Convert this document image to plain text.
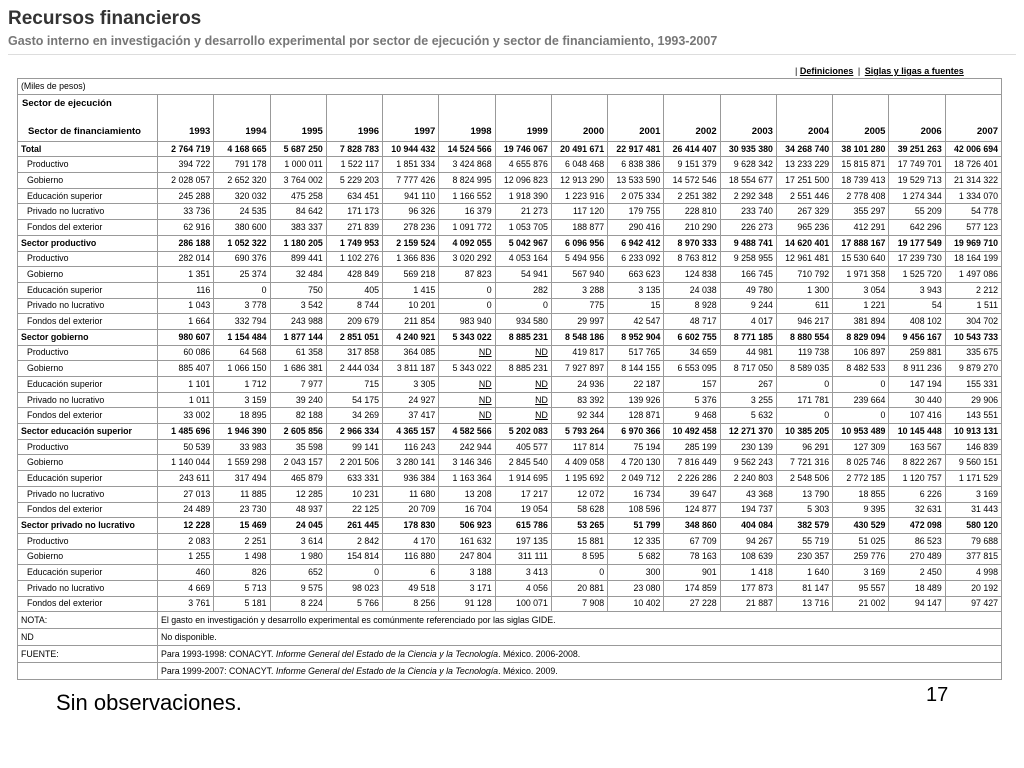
Recursos financieros
Gasto interno en investigación y desarrollo experimental por sector de ejecución y sector de financiamiento, 1993-2007
| Definiciones | Siglas y ligas a fuentes
(Miles de pesos)															

Sector de ejecución
Sector de financiamiento	1993	1994	1995	1996	1997	1998	1999	2000	2001	2002	2003	2004	2005	2006	2007
Total	2 764 719	4 168 665	5 687 250	7 828 783	10 944 432	14 524 566	19 746 067	20 491 671	22 917 481	26 414 407	30 935 380	34 268 740	38 101 280	39 251 263	42 006 694
Productivo	394 722	791 178	1 000 011	1 522 117	1 851 334	3 424 868	4 655 876	6 048 468	6 838 386	9 151 379	9 628 342	13 233 229	15 815 871	17 749 701	18 726 401
Gobierno	2 028 057	2 652 320	3 764 002	5 229 203	7 777 426	8 824 995	12 096 823	12 913 290	13 533 590	14 572 546	18 554 677	17 251 500	18 739 413	19 529 713	21 314 322
Educación superior	245 288	320 032	475 258	634 451	941 110	1 166 552	1 918 390	1 223 916	2 075 334	2 251 382	2 292 348	2 551 446	2 778 408	1 274 344	1 334 070
Privado no lucrativo	33 736	24 535	84 642	171 173	96 326	16 379	21 273	117 120	179 755	228 810	233 740	267 329	355 297	55 209	54 778
Fondos del exterior	62 916	380 600	383 337	271 839	278 236	1 091 772	1 053 705	188 877	290 416	210 290	226 273	965 236	412 291	642 296	577 123
Sector productivo	286 188	1 052 322	1 180 205	1 749 953	2 159 524	4 092 055	5 042 967	6 096 956	6 942 412	8 970 333	9 488 741	14 620 401	17 888 167	19 177 549	19 969 710
Productivo	282 014	690 376	899 441	1 102 276	1 366 836	3 020 292	4 053 164	5 494 956	6 233 092	8 763 812	9 258 955	12 961 481	15 530 640	17 239 730	18 164 199
Gobierno	1 351	25 374	32 484	428 849	569 218	87 823	54 941	567 940	663 623	124 838	166 745	710 792	1 971 358	1 525 720	1 497 086
Educación superior	116	0	750	405	1 415	0	282	3 288	3 135	24 038	49 780	1 300	3 054	3 943	2 212
Privado no lucrativo	1 043	3 778	3 542	8 744	10 201	0	0	775	15	8 928	9 244	611	1 221	54	1 511
Fondos del exterior	1 664	332 794	243 988	209 679	211 854	983 940	934 580	29 997	42 547	48 717	4 017	946 217	381 894	408 102	304 702
Sector gobierno	980 607	1 154 484	1 877 144	2 851 051	4 240 921	5 343 022	8 885 231	8 548 186	8 952 904	6 602 755	8 771 185	8 880 554	8 829 094	9 456 167	10 543 733
Productivo	60 086	64 568	61 358	317 858	364 085	ND	ND	419 817	517 765	34 659	44 981	119 738	106 897	259 881	335 675
Gobierno	885 407	1 066 150	1 686 381	2 444 034	3 811 187	5 343 022	8 885 231	7 927 897	8 144 155	6 553 095	8 717 050	8 589 035	8 482 533	8 911 236	9 879 270
Educación superior	1 101	1 712	7 977	715	3 305	ND	ND	24 936	22 187	157	267	0	0	147 194	155 331
Privado no lucrativo	1 011	3 159	39 240	54 175	24 927	ND	ND	83 392	139 926	5 376	3 255	171 781	239 664	30 440	29 906
Fondos del exterior	33 002	18 895	82 188	34 269	37 417	ND	ND	92 344	128 871	9 468	5 632	0	0	107 416	143 551
Sector educación superior	1 485 696	1 946 390	2 605 856	2 966 334	4 365 157	4 582 566	5 202 083	5 793 264	6 970 366	10 492 458	12 271 370	10 385 205	10 953 489	10 145 448	10 913 131
Productivo	50 539	33 983	35 598	99 141	116 243	242 944	405 577	117 814	75 194	285 199	230 139	96 291	127 309	163 567	146 839
Gobierno	1 140 044	1 559 298	2 043 157	2 201 506	3 280 141	3 146 346	2 845 540	4 409 058	4 720 130	7 816 449	9 562 243	7 721 316	8 025 746	8 822 267	9 560 151
Educación superior	243 611	317 494	465 879	633 331	936 384	1 163 364	1 914 695	1 195 692	2 049 712	2 226 286	2 240 803	2 548 506	2 772 185	1 120 757	1 171 529
Privado no lucrativo	27 013	11 885	12 285	10 231	11 680	13 208	17 217	12 072	16 734	39 647	43 368	13 790	18 855	6 226	3 169
Fondos del exterior	24 489	23 730	48 937	22 125	20 709	16 704	19 054	58 628	108 596	124 877	194 737	5 303	9 395	32 631	31 443
Sector privado no lucrativo	12 228	15 469	24 045	261 445	178 830	506 923	615 786	53 265	51 799	348 860	404 084	382 579	430 529	472 098	580 120
Productivo	2 083	2 251	3 614	2 842	4 170	161 632	197 135	15 881	12 335	67 709	94 267	55 719	51 025	86 523	79 688
Gobierno	1 255	1 498	1 980	154 814	116 880	247 804	311 111	8 595	5 682	78 163	108 639	230 357	259 776	270 489	377 815
Educación superior	460	826	652	0	6	3 188	3 413	0	300	901	1 418	1 640	3 169	2 450	4 998
Privado no lucrativo	4 669	5 713	9 575	98 023	49 518	3 171	4 056	20 881	23 080	174 859	177 873	81 147	95 557	18 489	20 192
Fondos del exterior	3 761	5 181	8 224	5 766	8 256	91 128	100 071	7 908	10 402	27 228	21 887	13 716	21 002	94 147	97 427
NOTA:	El gasto en investigación y desarrollo experimental es comúnmente referenciado por las siglas GIDE.														
ND	No disponible.														
FUENTE:	Para 1993-1998: CONACYT. Informe General del Estado de la Ciencia y la Tecnología. México. 2006-2008.														
	Para 1999-2007: CONACYT. Informe General del Estado de la Ciencia y la Tecnología. México. 2009.														
Sin observaciones.	17
